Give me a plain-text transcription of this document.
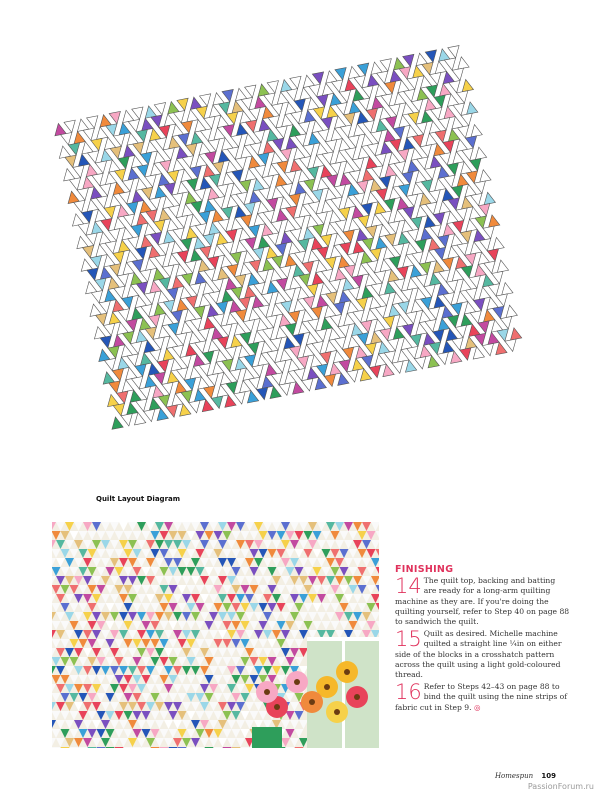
Quilt Layout Diagram
FINISHING
14 The quilt top, backing and batting are ready for a long-arm quilting machine as they are. If you're doing the quilting yourself, refer to Step 40 on page 88 to sandwich the quilt.
15 Quilt as desired. Michelle machine quilted a straight line ¼in on either side of the blocks in a crosshatch pattern across the quilt using a light gold-coloured thread.
16 Refer to Steps 42–43 on page 88 to bind the quilt using the nine strips of fabric cut in Step 9. ◎
Homespun 109
PassionForum.ru
